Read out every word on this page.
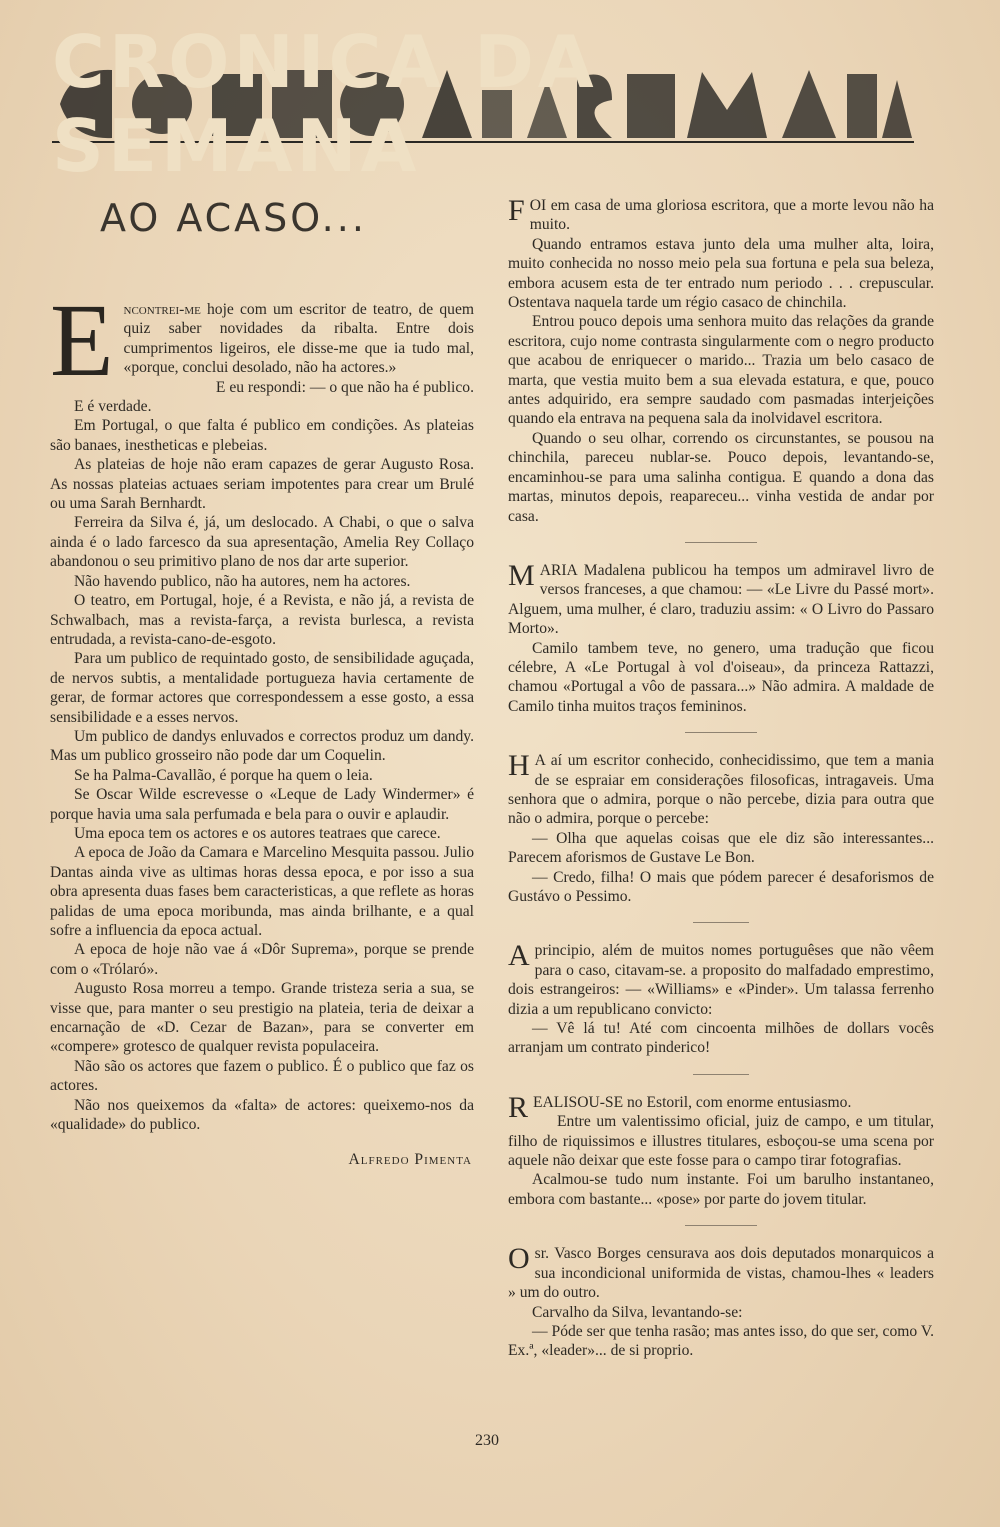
CRONICA DA SEMANA
AO ACASO...

Encontrei-me hoje com um escritor de teatro, de quem quiz saber novidades da ribalta. Entre dois cumprimentos ligeiros, ele disse-me que ia tudo mal, «porque, conclui desolado, não ha actores.»

E eu respondi: — o que não ha é publico.

E é verdade.

Em Portugal, o que falta é publico em condições. As plateias são banaes, inestheticas e plebeias.

As plateias de hoje não eram capazes de gerar Augusto Rosa. As nossas plateias actuaes seriam impotentes para crear um Brulé ou uma Sarah Bernhardt.

Ferreira da Silva é, já, um deslocado. A Chabi, o que o salva ainda é o lado farcesco da sua apresentação, Amelia Rey Collaço abandonou o seu primitivo plano de nos dar arte superior.

Não havendo publico, não ha autores, nem ha actores.

O teatro, em Portugal, hoje, é a Revista, e não já, a revista de Schwalbach, mas a revista-farça, a revista burlesca, a revista entrudada, a revista-cano-de-esgoto.

Para um publico de requintado gosto, de sensibilidade aguçada, de nervos subtis, a mentalidade portugueza havia certamente de gerar, de formar actores que correspondessem a esse gosto, a essa sensibilidade e a esses nervos.

Um publico de dandys enluvados e correctos produz um dandy. Mas um publico grosseiro não pode dar um Coquelin.

Se ha Palma-Cavallão, é porque ha quem o leia.

Se Oscar Wilde escrevesse o «Leque de Lady Windermer» é porque havia uma sala perfumada e bela para o ouvir e aplaudir.

Uma epoca tem os actores e os autores teatraes que carece.

A epoca de João da Camara e Marcelino Mesquita passou. Julio Dantas ainda vive as ultimas horas dessa epoca, e por isso a sua obra apresenta duas fases bem caracteristicas, a que reflete as horas palidas de uma epoca moribunda, mas ainda brilhante, e a qual sofre a influencia da epoca actual.

A epoca de hoje não vae á «Dôr Suprema», porque se prende com o «Trólaró».

Augusto Rosa morreu a tempo. Grande tristeza seria a sua, se visse que, para manter o seu prestigio na plateia, teria de deixar a encarnação de «D. Cezar de Bazan», para se converter em «compere» grotesco de qualquer revista populaceira.

Não são os actores que fazem o publico. É o publico que faz os actores.

Não nos queixemos da «falta» de actores: queixemo-nos da «qualidade» do publico.

Alfredo Pimenta

FOI em casa de uma gloriosa escritora, que a morte levou não ha muito.

Quando entramos estava junto dela uma mulher alta, loira, muito conhecida no nosso meio pela sua fortuna e pela sua beleza, embora acusem esta de ter entrado num periodo . . . crepuscular. Ostentava naquela tarde um régio casaco de chinchila.

Entrou pouco depois uma senhora muito das relações da grande escritora, cujo nome contrasta singularmente com o negro producto que acabou de enriquecer o marido... Trazia um belo casaco de marta, que vestia muito bem a sua elevada estatura, e que, pouco antes adquirido, era sempre saudado com pasmadas interjeições quando ela entrava na pequena sala da inolvidavel escritora.

Quando o seu olhar, correndo os circunstantes, se pousou na chinchila, pareceu nublar-se. Pouco depois, levantando-se, encaminhou-se para uma salinha contigua. E quando a dona das martas, minutos depois, reapareceu... vinha vestida de andar por casa.

MARIA Madalena publicou ha tempos um admiravel livro de versos franceses, a que chamou: — «Le Livre du Passé mort». Alguem, uma mulher, é claro, traduziu assim: « O Livro do Passaro Morto».

Camilo tambem teve, no genero, uma tradução que ficou célebre, A «Le Portugal à vol d'oiseau», da princeza Rattazzi, chamou «Portugal a vôo de passara...» Não admira. A maldade de Camilo tinha muitos traços femininos.

H A aí um escritor conhecido, conhecidissimo, que tem a mania de se espraiar em considerações filosoficas, intragaveis. Uma senhora que o admira, porque o não percebe, dizia para outra que não o admira, porque o percebe:

— Olha que aquelas coisas que ele diz são interessantes... Parecem aforismos de Gustave Le Bon.

— Credo, filha! O mais que pódem parecer é desaforismos de Gustávo o Pessimo.

A principio, além de muitos nomes portuguêses que não vêem para o caso, citavam-se. a proposito do malfadado emprestimo, dois estrangeiros: — «Williams» e «Pinder». Um talassa ferrenho dizia a um republicano convicto:

— Vê lá tu! Até com cincoenta milhões de dollars vocês arranjam um contrato pinderico!

REALISOU-SE no Estoril, com enorme entusiasmo.

Entre um valentissimo oficial, juiz de campo, e um titular, filho de riquissimos e illustres titulares, esboçou-se uma scena por aquele não deixar que este fosse para o campo tirar fotografias.

Acalmou-se tudo num instante. Foi um barulho instantaneo, embora com bastante... «pose» por parte do jovem titular.

O sr. Vasco Borges censurava aos dois deputados monarquicos a sua incondicional uniformida de vistas, chamou-lhes « leaders » um do outro.

Carvalho da Silva, levantando-se:

— Póde ser que tenha rasão; mas antes isso, do que ser, como V. Ex.ª, «leader»... de si proprio.

230
